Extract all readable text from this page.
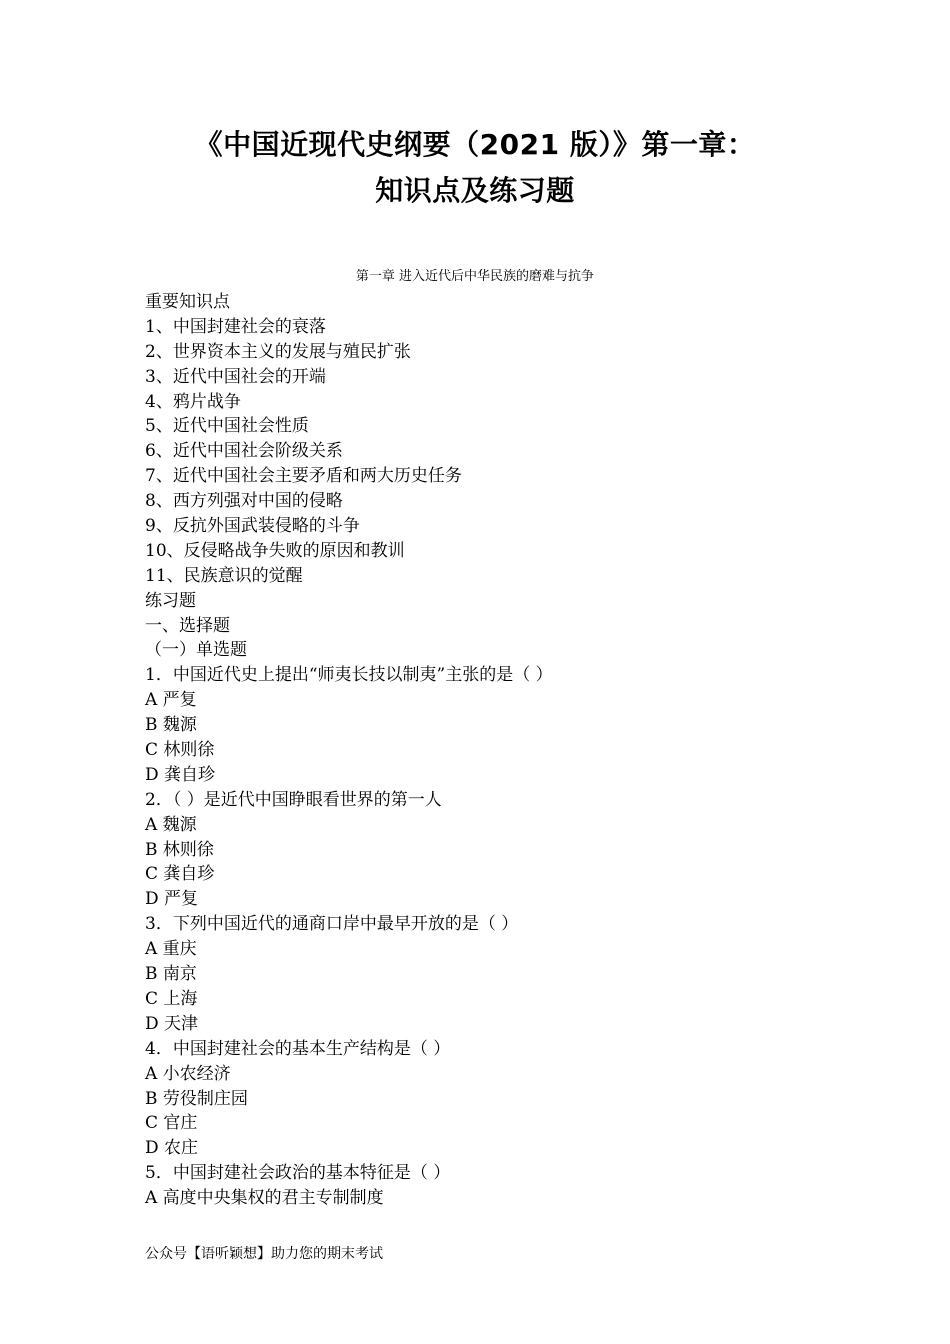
《中国近现代史纲要（2021 版）》第一章：
知识点及练习题
第一章 进入近代后中华民族的磨难与抗争
重要知识点
1、中国封建社会的衰落
2、世界资本主义的发展与殖民扩张
3、近代中国社会的开端
4、鸦片战争
5、近代中国社会性质
6、近代中国社会阶级关系
7、近代中国社会主要矛盾和两大历史任务
8、西方列强对中国的侵略
9、反抗外国武装侵略的斗争
10、反侵略战争失败的原因和教训
11、民族意识的觉醒
练习题
一、选择题
（一）单选题
1．中国近代史上提出“师夷长技以制夷”主张的是（ ）
A 严复
B 魏源
C 林则徐
D 龚自珍
2．（ ）是近代中国睁眼看世界的第一人
A 魏源
B 林则徐
C 龚自珍
D 严复
3．下列中国近代的通商口岸中最早开放的是（ ）
A 重庆
B 南京
C 上海
D 天津
4．中国封建社会的基本生产结构是（ ）
A 小农经济
B 劳役制庄园
C 官庄
D 农庄
5．中国封建社会政治的基本特征是（ ）
A 高度中央集权的君主专制制度
公众号【语听颖想】助力您的期末考试
